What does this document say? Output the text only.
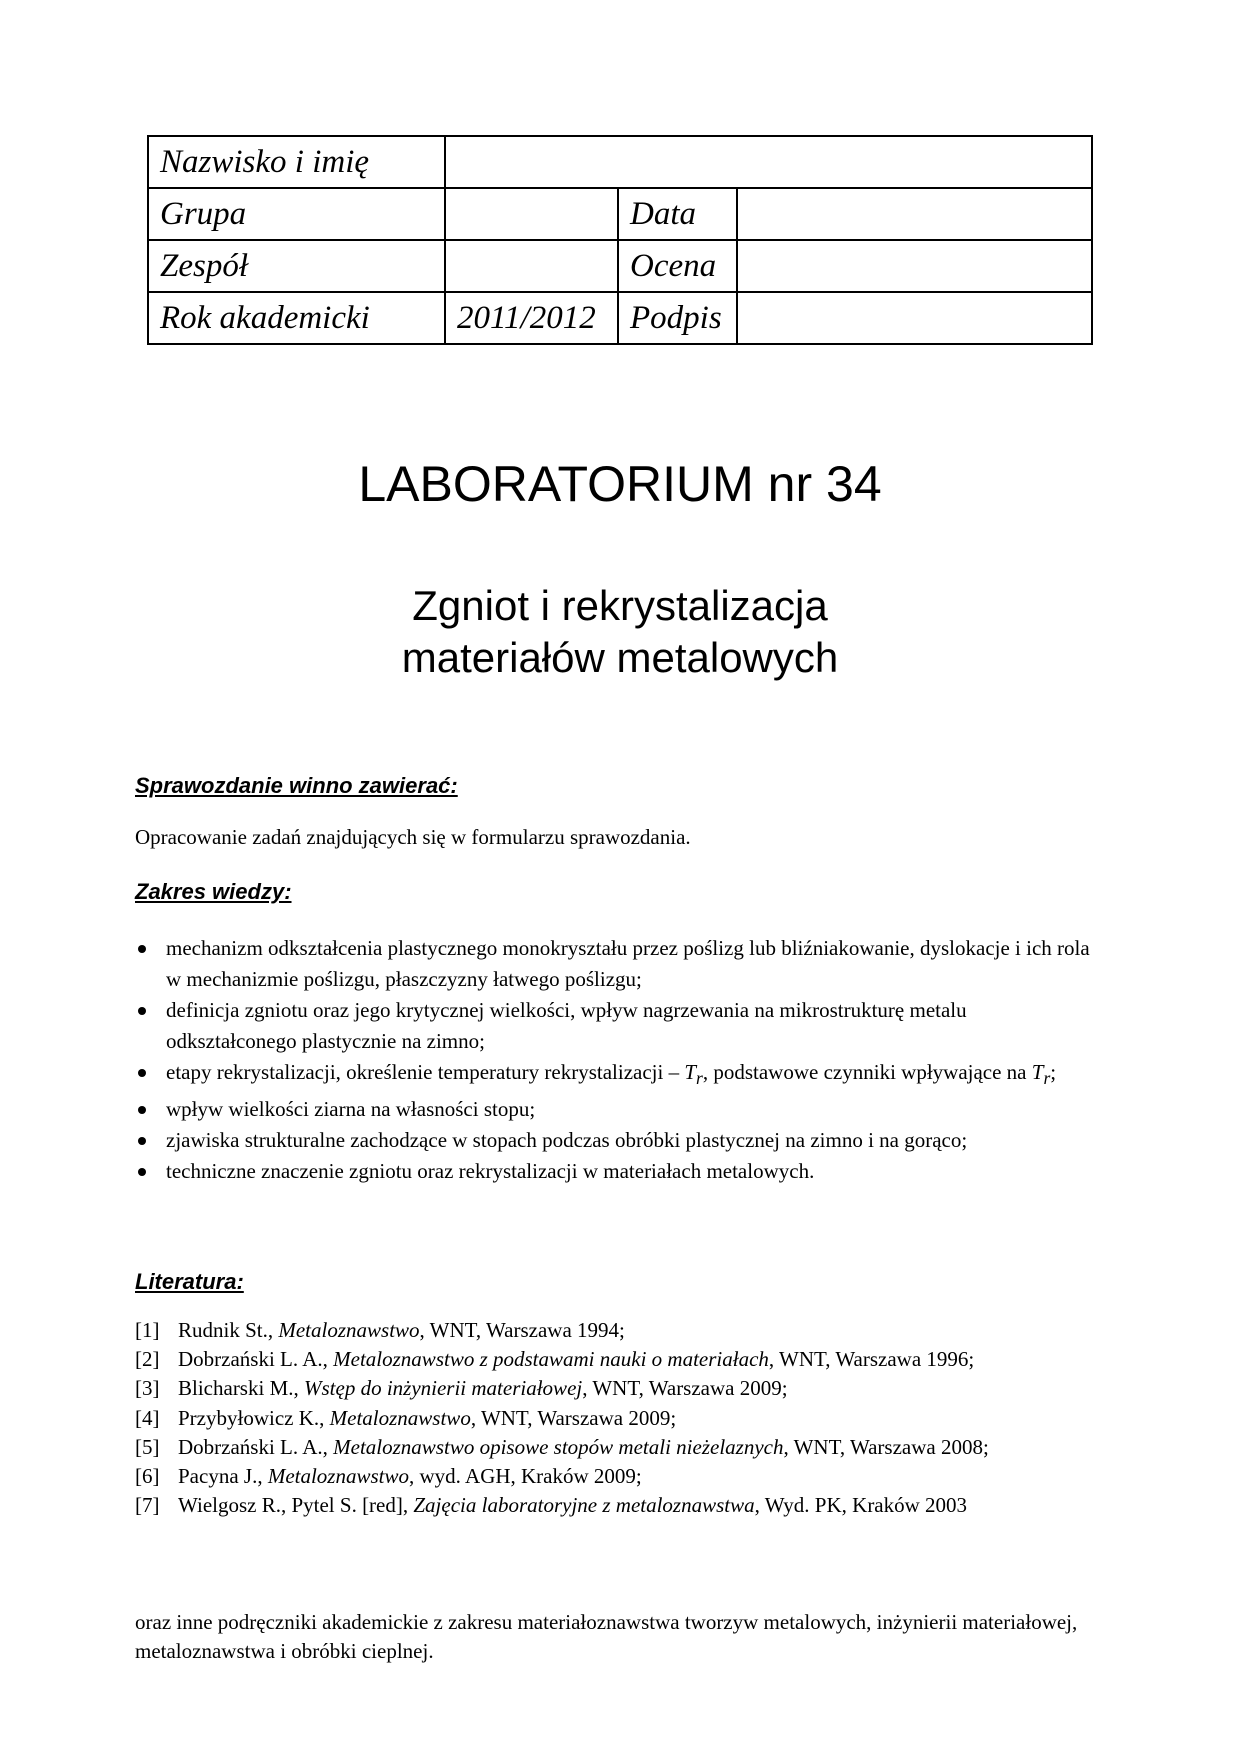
Nazwisko i imię			
Grupa		Data	
Zespół		Ocena	
Rok akademicki	2011/2012	Podpis	
LABORATORIUM nr 34
Zgniot i rekrystalizacja
materiałów metalowych
Sprawozdanie winno zawierać:
Opracowanie zadań znajdujących się w formularzu sprawozdania.
Zakres wiedzy:
mechanizm odkształcenia plastycznego monokryształu przez poślizg lub bliźniakowanie, dyslokacje i ich rola w mechanizmie poślizgu, płaszczyzny łatwego poślizgu;
definicja zgniotu oraz jego krytycznej wielkości, wpływ nagrzewania na mikrostrukturę metalu odkształconego plastycznie na zimno;
etapy rekrystalizacji, określenie temperatury rekrystalizacji – $T_r$, podstawowe czynniki wpływające na $T_r$;
wpływ wielkości ziarna na własności stopu;
zjawiska strukturalne zachodzące w stopach podczas obróbki plastycznej na zimno i na gorąco;
techniczne znaczenie zgniotu oraz rekrystalizacji w materiałach metalowych.
Literatura:
[1] Rudnik St., Metaloznawstwo, WNT, Warszawa 1994;
[2] Dobrzański L. A., Metaloznawstwo z podstawami nauki o materiałach, WNT, Warszawa 1996;
[3] Blicharski M., Wstęp do inżynierii materiałowej, WNT, Warszawa 2009;
[4] Przybyłowicz K., Metaloznawstwo, WNT, Warszawa 2009;
[5] Dobrzański L. A., Metaloznawstwo opisowe stopów metali nieżelaznych, WNT, Warszawa 2008;
[6] Pacyna J., Metaloznawstwo, wyd. AGH, Kraków 2009;
[7] Wielgosz R., Pytel S. [red], Zajęcia laboratoryjne z metaloznawstwa, Wyd. PK, Kraków 2003
oraz inne podręczniki akademickie z zakresu materiałoznawstwa tworzyw metalowych, inżynierii materiałowej, metaloznawstwa i obróbki cieplnej.
